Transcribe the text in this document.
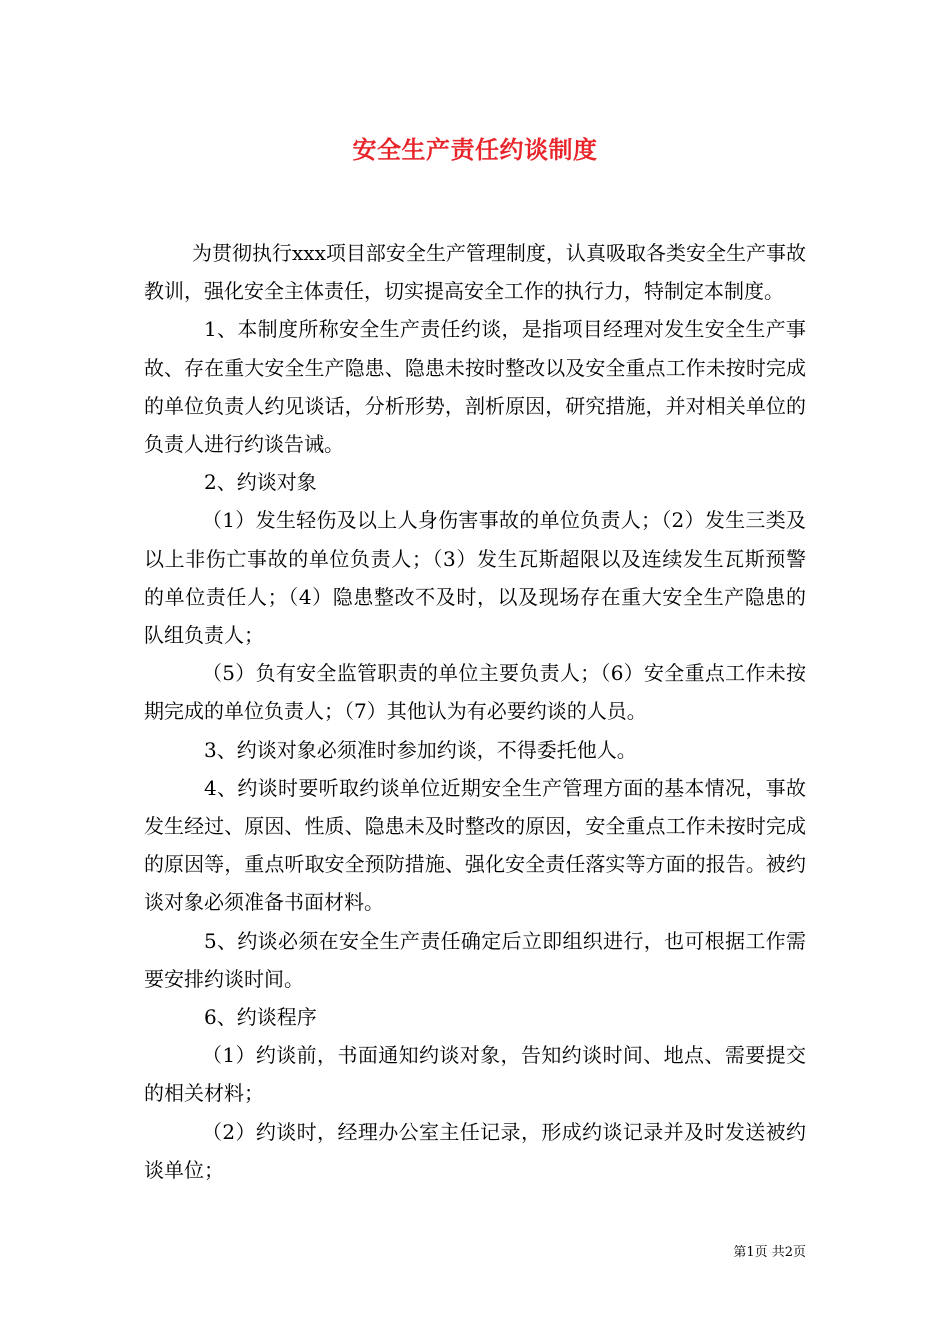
安全生产责任约谈制度

为贯彻执行xxx项目部安全生产管理制度，认真吸取各类安全生产事故教训，强化安全主体责任，切实提高安全工作的执行力，特制定本制度。

1、本制度所称安全生产责任约谈，是指项目经理对发生安全生产事故、存在重大安全生产隐患、隐患未按时整改以及安全重点工作未按时完成的单位负责人约见谈话，分析形势，剖析原因，研究措施，并对相关单位的负责人进行约谈告诫。

2、约谈对象

（1）发生轻伤及以上人身伤害事故的单位负责人；（2）发生三类及以上非伤亡事故的单位负责人；（3）发生瓦斯超限以及连续发生瓦斯预警的单位责任人；（4）隐患整改不及时，以及现场存在重大安全生产隐患的队组负责人；

（5）负有安全监管职责的单位主要负责人；（6）安全重点工作未按期完成的单位负责人；（7）其他认为有必要约谈的人员。

3、约谈对象必须准时参加约谈，不得委托他人。

4、约谈时要听取约谈单位近期安全生产管理方面的基本情况，事故发生经过、原因、性质、隐患未及时整改的原因，安全重点工作未按时完成的原因等，重点听取安全预防措施、强化安全责任落实等方面的报告。被约谈对象必须准备书面材料。

5、约谈必须在安全生产责任确定后立即组织进行，也可根据工作需要安排约谈时间。

6、约谈程序

（1）约谈前，书面通知约谈对象，告知约谈时间、地点、需要提交的相关材料；

（2）约谈时，经理办公室主任记录，形成约谈记录并及时发送被约谈单位；

第1页 共2页
